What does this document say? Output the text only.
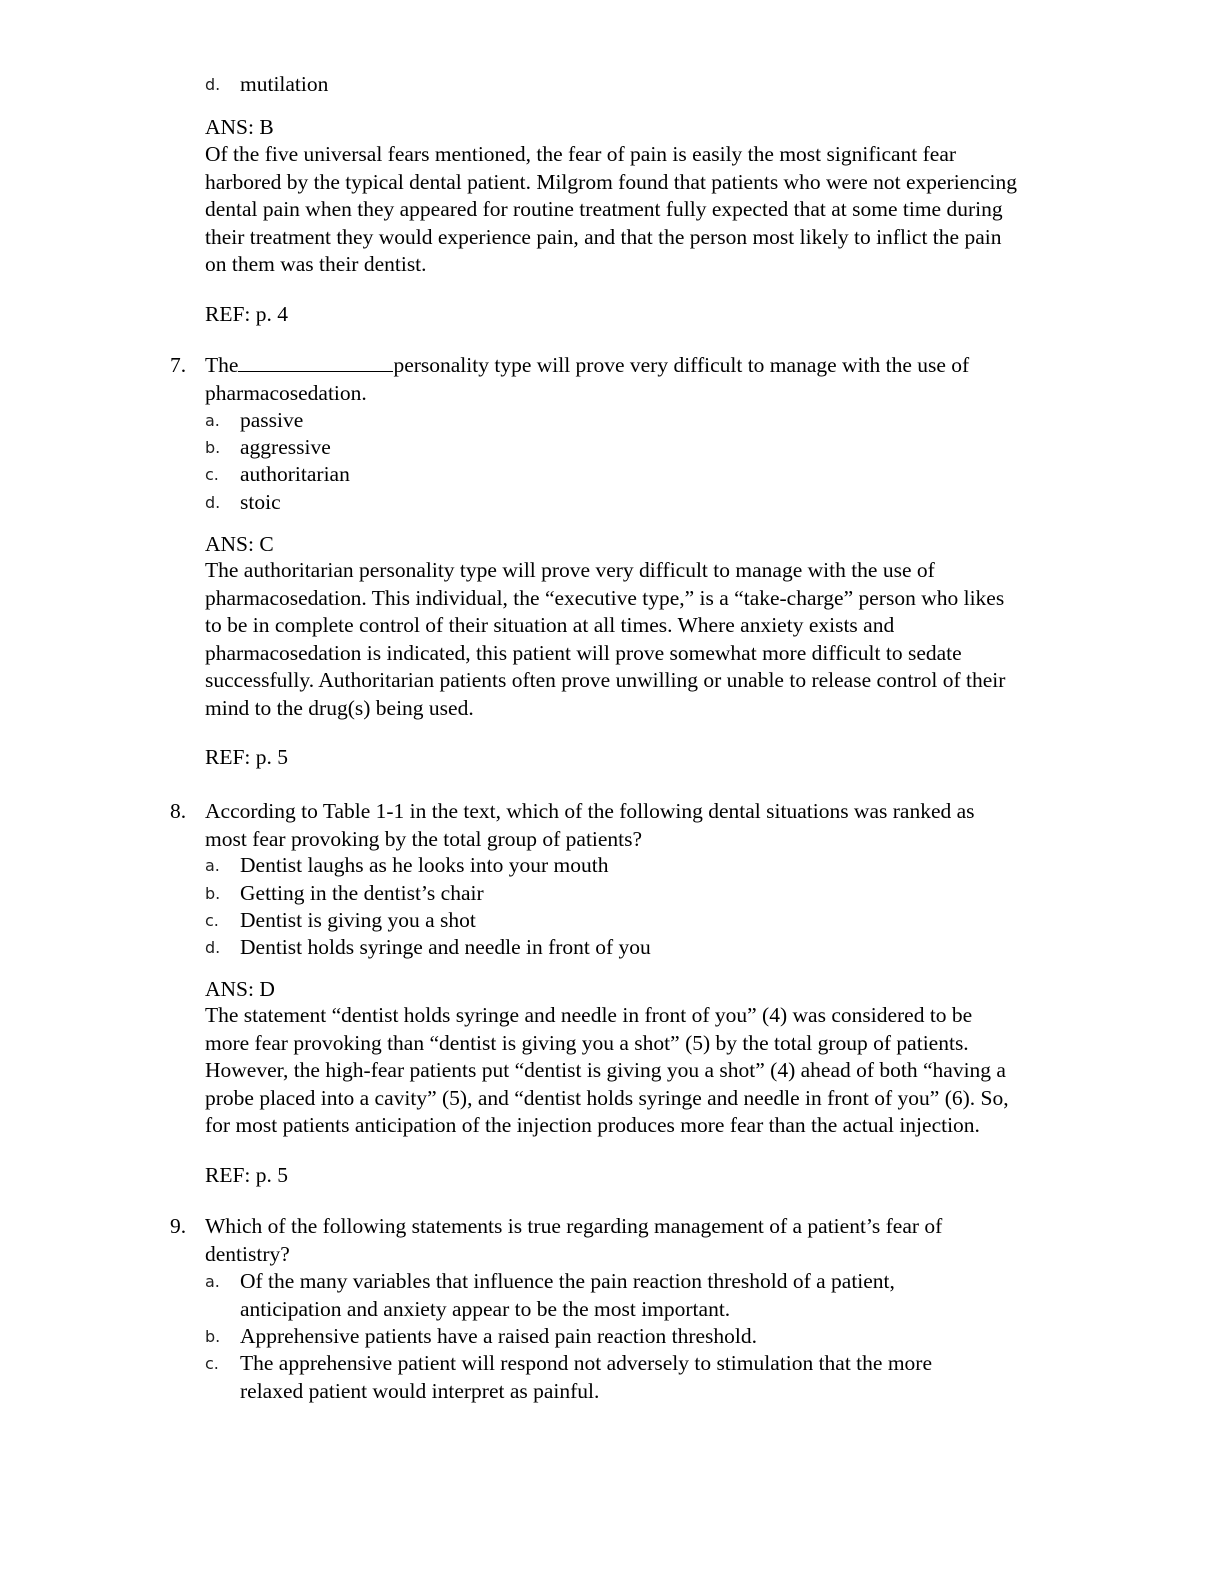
d. mutilation
ANS: B
Of the five universal fears mentioned, the fear of pain is easily the most significant fear
harbored by the typical dental patient. Milgrom found that patients who were not experiencing
dental pain when they appeared for routine treatment fully expected that at some time during
their treatment they would experience pain, and that the person most likely to inflict the pain
on them was their dentist.
REF: p. 4
7. The	personality type will prove very difficult to manage with the use of
pharmacosedation.
a. passive
b. aggressive
c. authoritarian
d. stoic
ANS: C
The authoritarian personality type will prove very difficult to manage with the use of
pharmacosedation. This individual, the “executive type,” is a “take-charge” person who likes
to be in complete control of their situation at all times. Where anxiety exists and
pharmacosedation is indicated, this patient will prove somewhat more difficult to sedate
successfully. Authoritarian patients often prove unwilling or unable to release control of their
mind to the drug(s) being used.
REF: p. 5
8. According to Table 1-1 in the text, which of the following dental situations was ranked as
most fear provoking by the total group of patients?
a. Dentist laughs as he looks into your mouth
b. Getting in the dentist’s chair
c. Dentist is giving you a shot
d. Dentist holds syringe and needle in front of you
ANS: D
The statement “dentist holds syringe and needle in front of you” (4) was considered to be
more fear provoking than “dentist is giving you a shot” (5) by the total group of patients.
However, the high-fear patients put “dentist is giving you a shot” (4) ahead of both “having a
probe placed into a cavity” (5), and “dentist holds syringe and needle in front of you” (6). So,
for most patients anticipation of the injection produces more fear than the actual injection.
REF: p. 5
9. Which of the following statements is true regarding management of a patient’s fear of
dentistry?
a. Of the many variables that influence the pain reaction threshold of a patient,
anticipation and anxiety appear to be the most important.
b. Apprehensive patients have a raised pain reaction threshold.
c. The apprehensive patient will respond not adversely to stimulation that the more
relaxed patient would interpret as painful.
